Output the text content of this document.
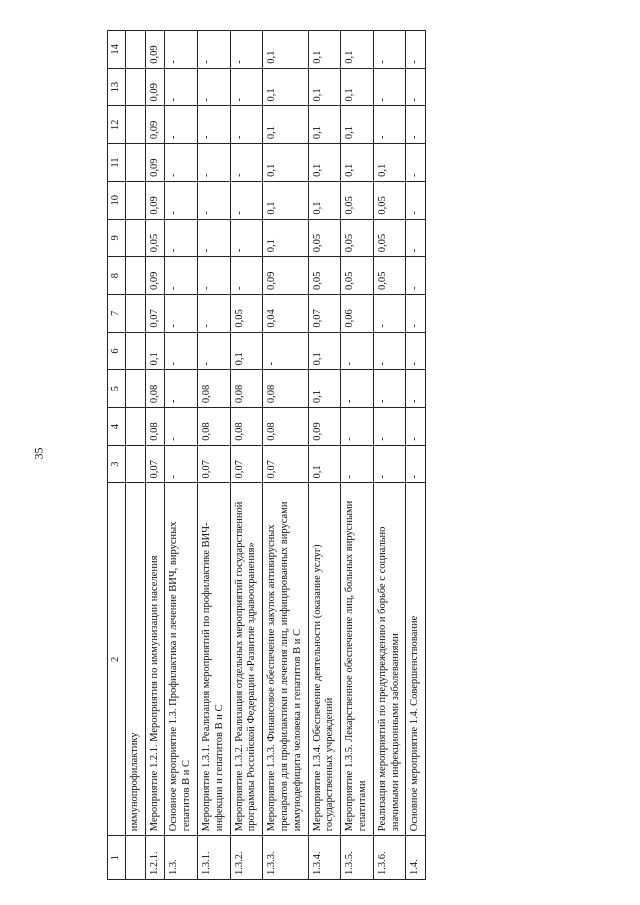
35
1	2	3	4	5	6	7	8	9	10	11	12	13	14
	иммунопрофилактику												
1.2.1.	Мероприятие 1.2.1. Мероприятия по иммунизации населения	0,07	0,08	0,08	0,1	0,07	0,09	0,05	0,09	0,09	0,09	0,09	0,09
1.3.	Основное мероприятие 1.3. Профилактика и лечение ВИЧ, вирусных гепатитов В и С	-	-	-	-	-	-	-	-	-	-	-	-
1.3.1.	Мероприятие 1.3.1. Реализация мероприятий по профилактике ВИЧ-инфекции и гепатитов В и С	0,07	0,08	0,08	-	-	-	-	-	-	-	-	-
1.3.2.	Мероприятие 1.3.2. Реализация отдельных мероприятий государственной программы Российской Федерации «Развитие здравоохранения»	0,07	0,08	0,08	0,1	0,05	-	-	-	-	-	-	-
1.3.3.	Мероприятие 1.3.3. Финансовое обеспечение закупок антивирусных препаратов для профилактики и лечения лиц, инфицированных вирусами иммунодефицита человека и гепатитов В и С	0,07	0,08	0,08	-	0,04	0,09	0,1	0,1	0,1	0,1	0,1	0,1
1.3.4.	Мероприятие 1.3.4. Обеспечение деятельности (оказание услуг) государственных учреждений	0,1	0,09	0,1	0,1	0,07	0,05	0,05	0,1	0,1	0,1	0,1	0,1
1.3.5.	Мероприятие 1.3.5. Лекарственное обеспечение лиц, больных вирусными гепатитами	-	-	-	-	0,06	0,05	0,05	0,05	0,1	0,1	0,1	0,1
1.3.6.	Реализация мероприятий по предупреждению и борьбе с социально значимыми инфекционными заболеваниями	-	-	-	-	-	0,05	0,05	0,05	0,1	-	-	-
1.4.	Основное мероприятие 1.4. Совершенствование	-	-	-	-	-	-	-	-	-	-	-	-
